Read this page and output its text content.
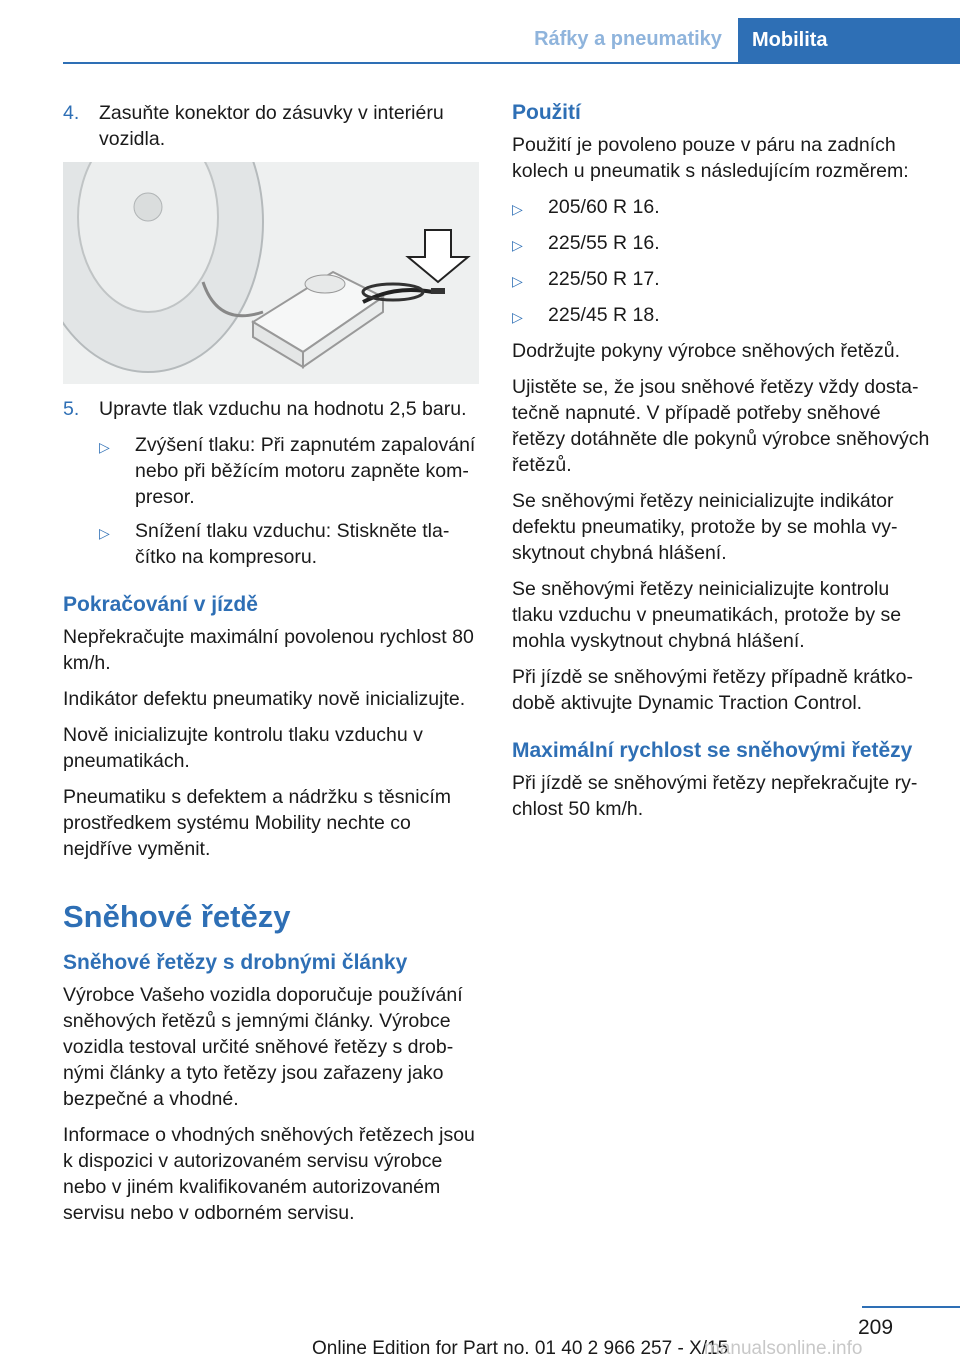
Ráfky a pneumatiky	Mobilita
4.	Zasuňte konektor do zásuvky v interiéru vozidla.
5.	Upravte tlak vzduchu na hodnotu 2,5 baru.
▷	Zvýšení tlaku: Při zapnutém zapalování nebo při běžícím motoru zapněte kompresor.
▷	Snížení tlaku vzduchu: Stiskněte tlačítko na kompresoru.
Pokračování v jízdě

Nepřekračujte maximální povolenou rychlost 80 km/h.

Indikátor defektu pneumatiky nově inicializujte.

Nově inicializujte kontrolu tlaku vzduchu v pneumatikách.

Pneumatiku s defektem a nádržku s těsnicím prostředkem systému Mobility nechte co nejdříve vyměnit.

Sněhové řetězy
Sněhové řetězy s drobnými články

Výrobce Vašeho vozidla doporučuje používání sněhových řetězů s jemnými články. Výrobce vozidla testoval určité sněhové řetězy s drobnými články a tyto řetězy jsou zařazeny jako bezpečné a vhodné.

Informace o vhodných sněhových řetězech jsou k dispozici v autorizovaném servisu výrobce nebo v jiném kvalifikovaném autorizovaném servisu nebo v odborném servisu.

Použití

Použití je povoleno pouze v páru na zadních kolech u pneumatik s následujícím rozměrem:

▷	205/60 R 16.
▷	225/55 R 16.
▷	225/50 R 17.
▷	225/45 R 18.

Dodržujte pokyny výrobce sněhových řetězů.

Ujistěte se, že jsou sněhové řetězy vždy dostatečně napnuté. V případě potřeby sněhové řetězy dotáhněte dle pokynů výrobce sněhových řetězů.

Se sněhovými řetězy neinicializujte indikátor defektu pneumatiky, protože by se mohla vyskytnout chybná hlášení.

Se sněhovými řetězy neinicializujte kontrolu tlaku vzduchu v pneumatikách, protože by se mohla vyskytnout chybná hlášení.

Při jízdě se sněhovými řetězy případně krátkodobě aktivujte Dynamic Traction Control.

Maximální rychlost se sněhovými řetězy

Při jízdě se sněhovými řetězy nepřekračujte rychlost 50 km/h.

209
Online Edition for Part no. 01 40 2 966 257 - X/15
manualsonline.info
